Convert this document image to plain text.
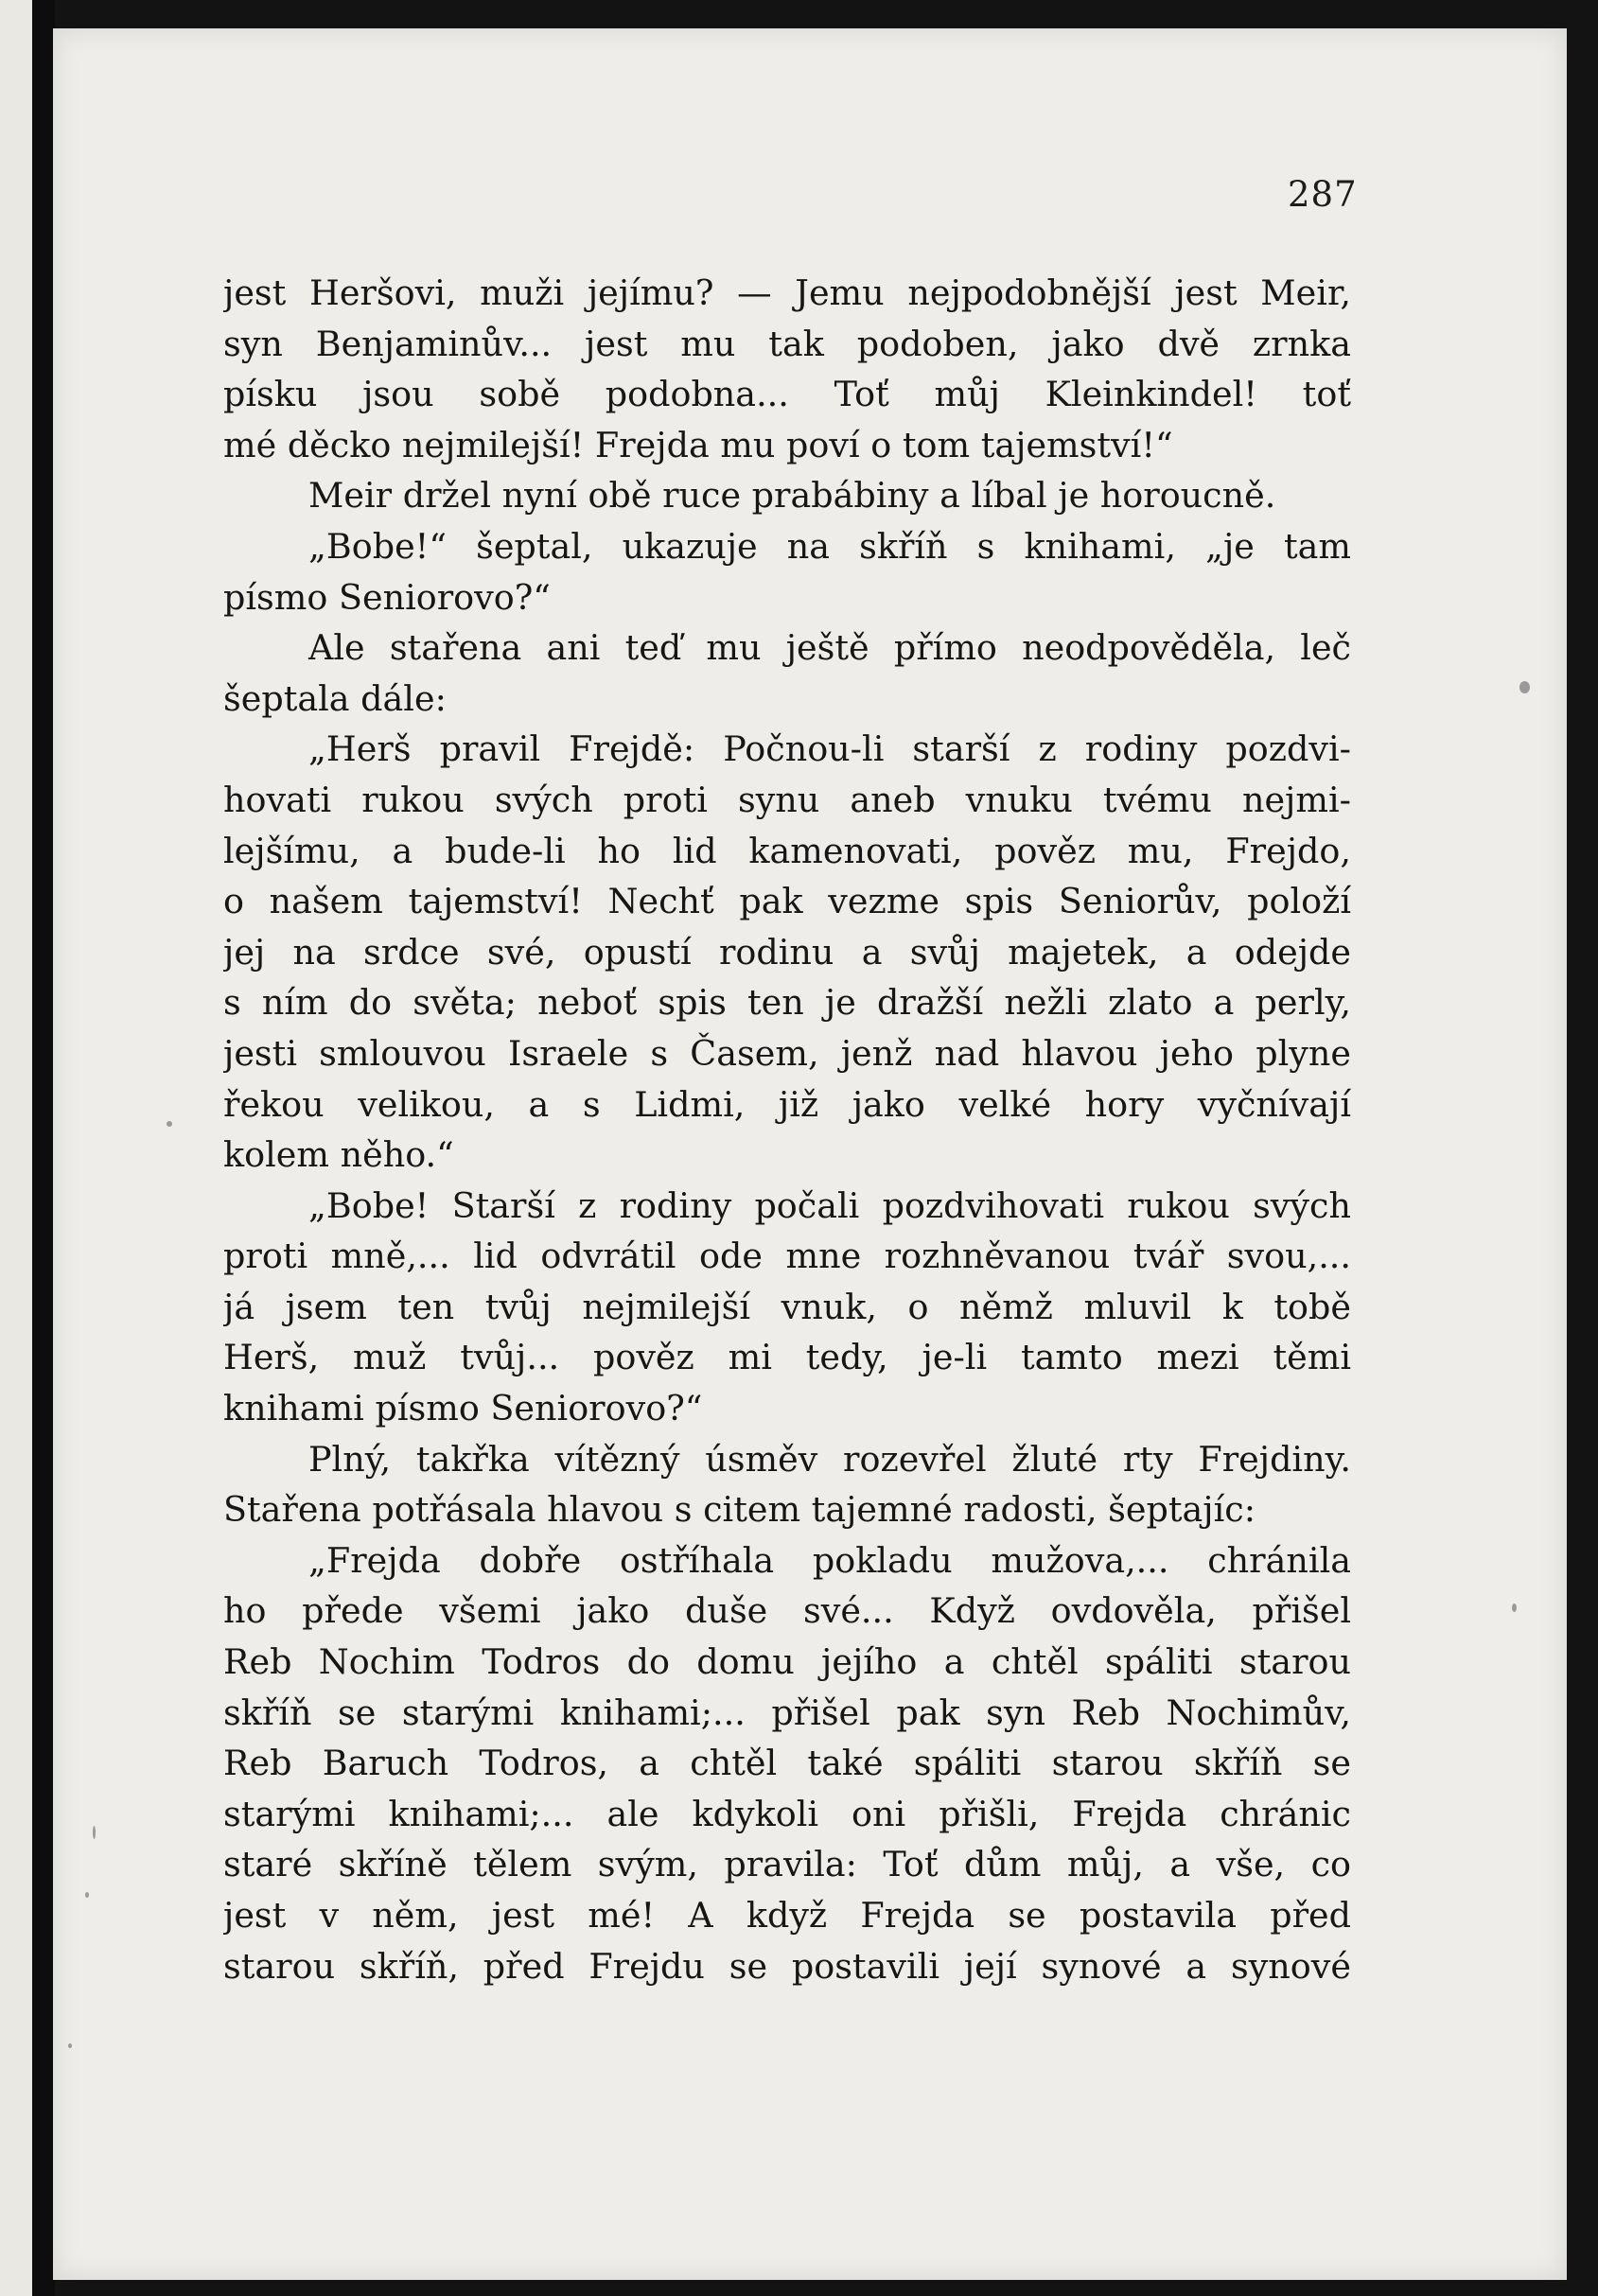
287
jest Heršovi, muži jejímu? — Jemu nejpodobnější jest Meir,
syn Benjaminův... jest mu tak podoben, jako dvě zrnka
písku jsou sobě podobna... Toť můj Kleinkindel! toť
mé děcko nejmilejší! Frejda mu poví o tom tajemství!“
Meir držel nyní obě ruce prabábiny a líbal je horoucně.
„Bobe!“ šeptal, ukazuje na skříň s knihami, „je tam
písmo Seniorovo?“
Ale stařena ani teď mu ještě přímo neodpověděla, leč
šeptala dále:
„Herš pravil Frejdě: Počnou-li starší z rodiny pozdvi-
hovati rukou svých proti synu aneb vnuku tvému nejmi-
lejšímu, a bude-li ho lid kamenovati, pověz mu, Frejdo,
o našem tajemství! Nechť pak vezme spis Seniorův, položí
jej na srdce své, opustí rodinu a svůj majetek, a odejde
s ním do světa; neboť spis ten je dražší nežli zlato a perly,
jesti smlouvou Israele s Časem, jenž nad hlavou jeho plyne
řekou velikou, a s Lidmi, již jako velké hory vyčnívají
kolem něho.“
„Bobe! Starší z rodiny počali pozdvihovati rukou svých
proti mně,... lid odvrátil ode mne rozhněvanou tvář svou,...
já jsem ten tvůj nejmilejší vnuk, o němž mluvil k tobě
Herš, muž tvůj... pověz mi tedy, je-li tamto mezi těmi
knihami písmo Seniorovo?“
Plný, takřka vítězný úsměv rozevřel žluté rty Frejdiny.
Stařena potřásala hlavou s citem tajemné radosti, šeptajíc:
„Frejda dobře ostříhala pokladu mužova,... chránila
ho přede všemi jako duše své... Když ovdověla, přišel
Reb Nochim Todros do domu jejího a chtěl spáliti starou
skříň se starými knihami;... přišel pak syn Reb Nochimův,
Reb Baruch Todros, a chtěl také spáliti starou skříň se
starými knihami;... ale kdykoli oni přišli, Frejda chránic
staré skříně tělem svým, pravila: Toť dům můj, a vše, co
jest v něm, jest mé! A když Frejda se postavila před
starou skříň, před Frejdu se postavili její synové a synové
